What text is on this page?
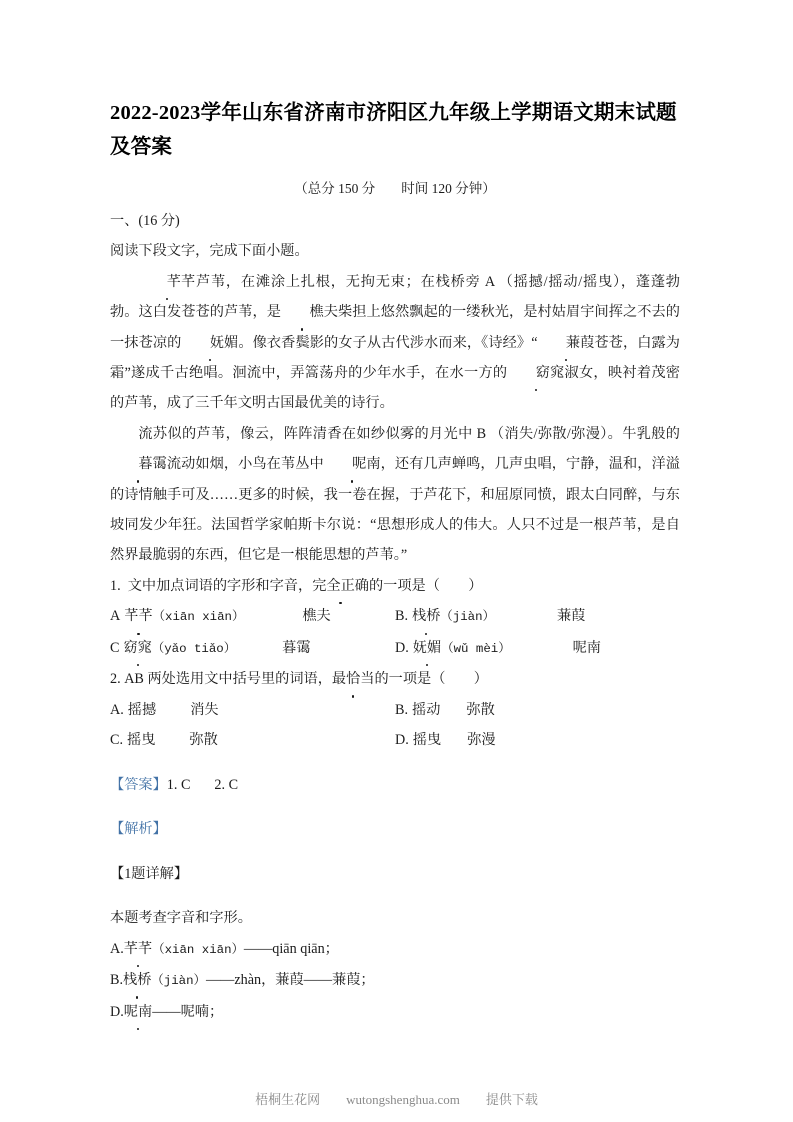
2022-2023学年山东省济南市济阳区九年级上学期语文期末试题及答案
（总分 150 分 时间 120 分钟）

一、(16 分)

阅读下段文字，完成下面小题。

芊芊芦苇，在滩涂上扎根，无拘无束；在栈桥旁 A （摇撼/摇动/摇曳），蓬蓬勃勃。这白发苍苍的芦苇，是 樵夫柴担上悠然飘起的一缕秋光，是村姑眉宇间挥之不去的一抹苍凉的 妩媚。像衣香鬓影的女子从古代涉水而来，《诗经》“ 蒹葭苍苍，白露为霜”遂成千古绝唱。洄流中，弄篙荡舟的少年水手，在水一方的 窈窕淑女，映衬着茂密的芦苇，成了三千年文明古国最优美的诗行。

流苏似的芦苇，像云，阵阵清香在如纱似雾的月光中 B （消失/弥散/弥漫）。牛乳般的暮霭流动如烟，小鸟在苇丛中 呢南，还有几声蝉鸣，几声虫唱，宁静，温和，洋溢的诗情触手可及……更多的时候，我一卷在握，于芦花下，和屈原同愤，跟太白同醉，与东坡同发少年狂。法国哲学家帕斯卡尔说：“思想形成人的伟大。人只不过是一根芦苇，是自然界最脆弱的东西，但它是一根能思想的芦苇。”

1. 文中加点词语的字形和字音，完全正确的一项是（　　）

A 芊芊（xiān xiān）	樵夫	B. 栈桥（jiàn）	蒹葭
C 窈窕（yǎo tiǎo）	暮霭	D. 妩媚（wǔ mèi）	呢南

2. AB 两处选用文中括号里的词语，最恰当的一项是（　　）

A. 摇撼 消失	B. 摇动 弥散
C. 摇曳 弥散	D. 摇曳 弥漫

【答案】1. C 2. C

【解析】

【1题详解】

本题考查字音和字形。

A.芊芊（xiān xiān）——qiān qiān；

B.栈桥（jiàn）——zhàn，蒹葭——蒹葭；

D.呢南——呢喃；

梧桐生花网 wutongshenghua.com 提供下载
